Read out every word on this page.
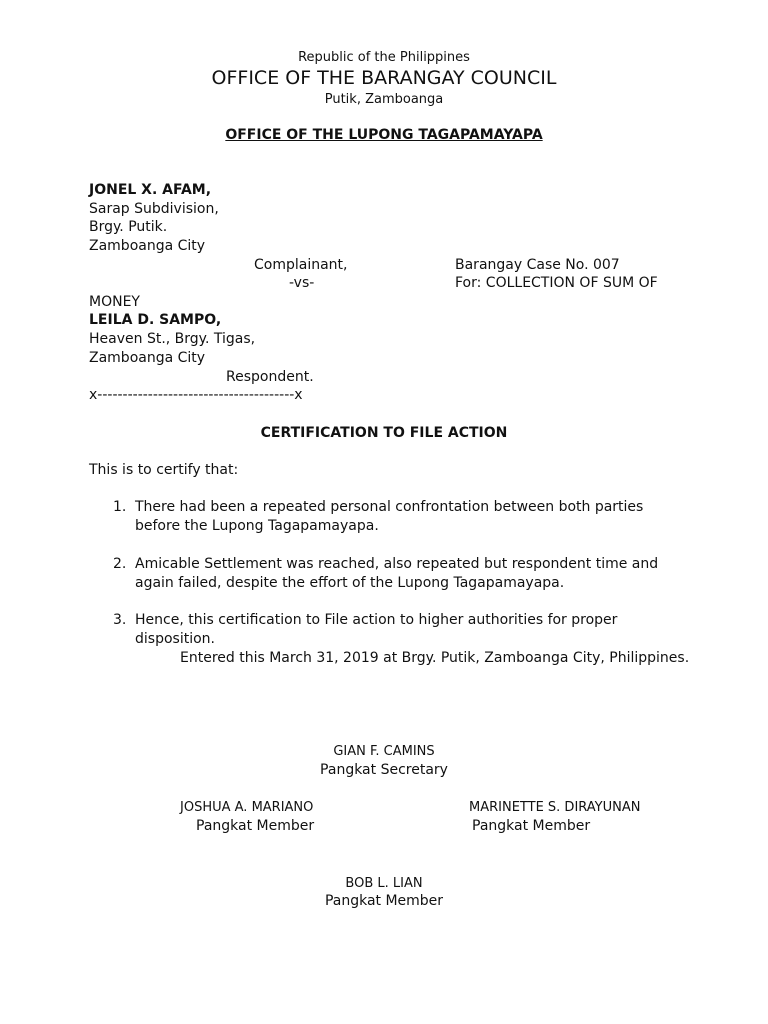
Republic of the Philippines
OFFICE OF THE BARANGAY COUNCIL
Putik, Zamboanga
OFFICE OF THE LUPONG TAGAPAMAYAPA
JONEL X. AFAM,
Sarap Subdivision,
Brgy. Putik.
Zamboanga City
Complainant,
-vs-
Barangay Case No. 007
For: COLLECTION OF SUM OF
MONEY
LEILA D. SAMPO,
Heaven St., Brgy. Tigas,
Zamboanga City
Respondent.
x---------------------------------------x
CERTIFICATION TO FILE ACTION
This is to certify that:
1. There had been a repeated personal confrontation between both parties before the Lupong Tagapamayapa.
2. Amicable Settlement was reached, also repeated but respondent time and again failed, despite the effort of the Lupong Tagapamayapa.
3. Hence, this certification to File action to higher authorities for proper disposition.
Entered this March 31, 2019 at Brgy. Putik, Zamboanga City, Philippines.
GIAN F. CAMINS
Pangkat Secretary
JOSHUA A. MARIANO
Pangkat Member
MARINETTE S. DIRAYUNAN
Pangkat Member
BOB L. LIAN
Pangkat Member
